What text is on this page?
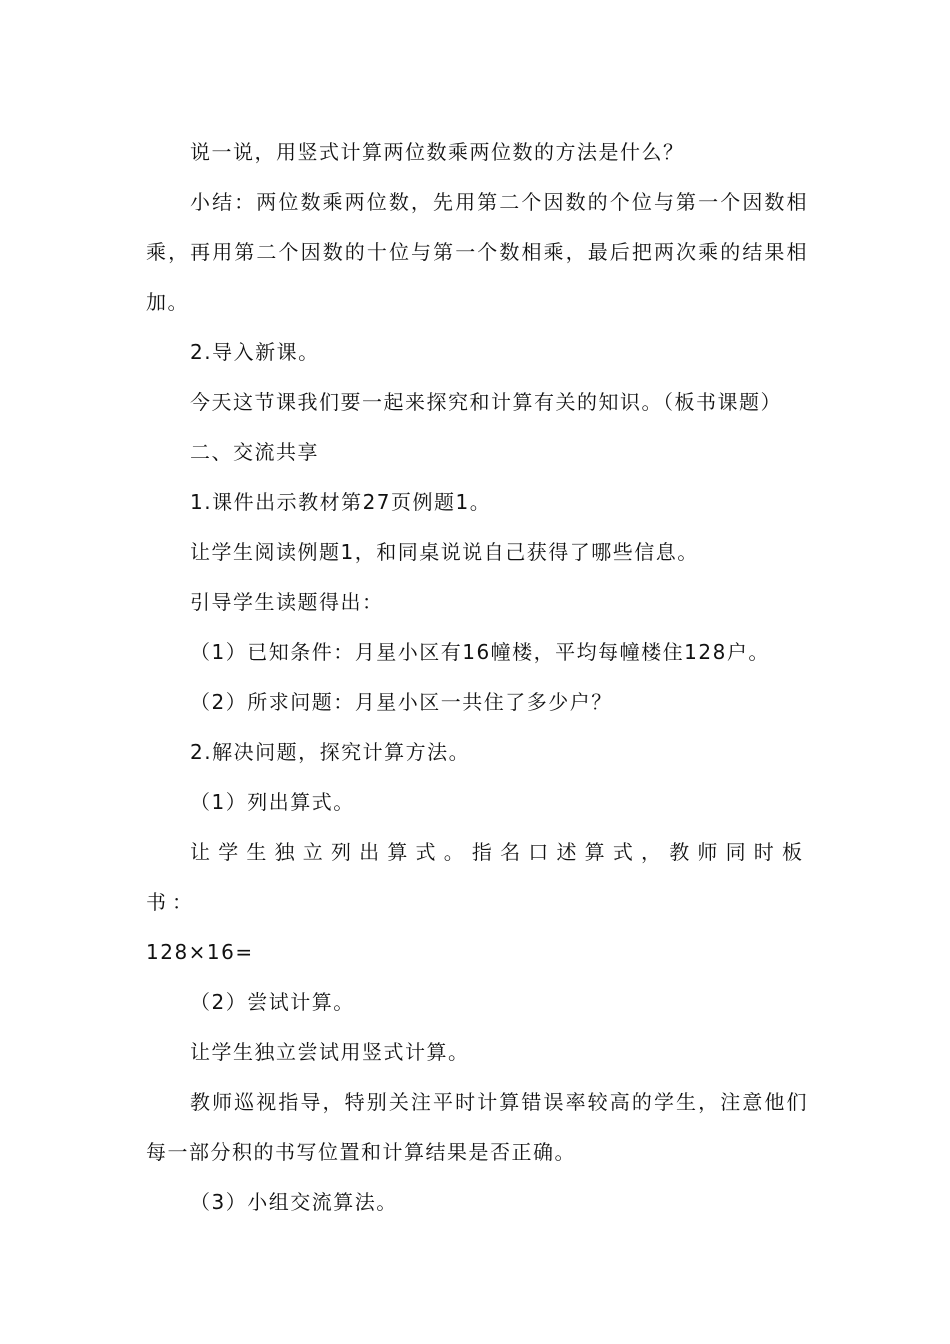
说一说，用竖式计算两位数乘两位数的方法是什么？

小结：两位数乘两位数，先用第二个因数的个位与第一个因数相乘，再用第二个因数的十位与第一个数相乘，最后把两次乘的结果相加。

2.导入新课。

今天这节课我们要一起来探究和计算有关的知识。（板书课题）

二、交流共享

1.课件出示教材第27页例题1。

让学生阅读例题1，和同桌说说自己获得了哪些信息。

引导学生读题得出：

（1）已知条件：月星小区有16幢楼，平均每幢楼住128户。

（2）所求问题：月星小区一共住了多少户？

2.解决问题，探究计算方法。

（1）列出算式。

让学生独立列出算式。指名口述算式，教师同时板书：

128×16=

（2）尝试计算。

让学生独立尝试用竖式计算。

教师巡视指导，特别关注平时计算错误率较高的学生，注意他们每一部分积的书写位置和计算结果是否正确。

（3）小组交流算法。
